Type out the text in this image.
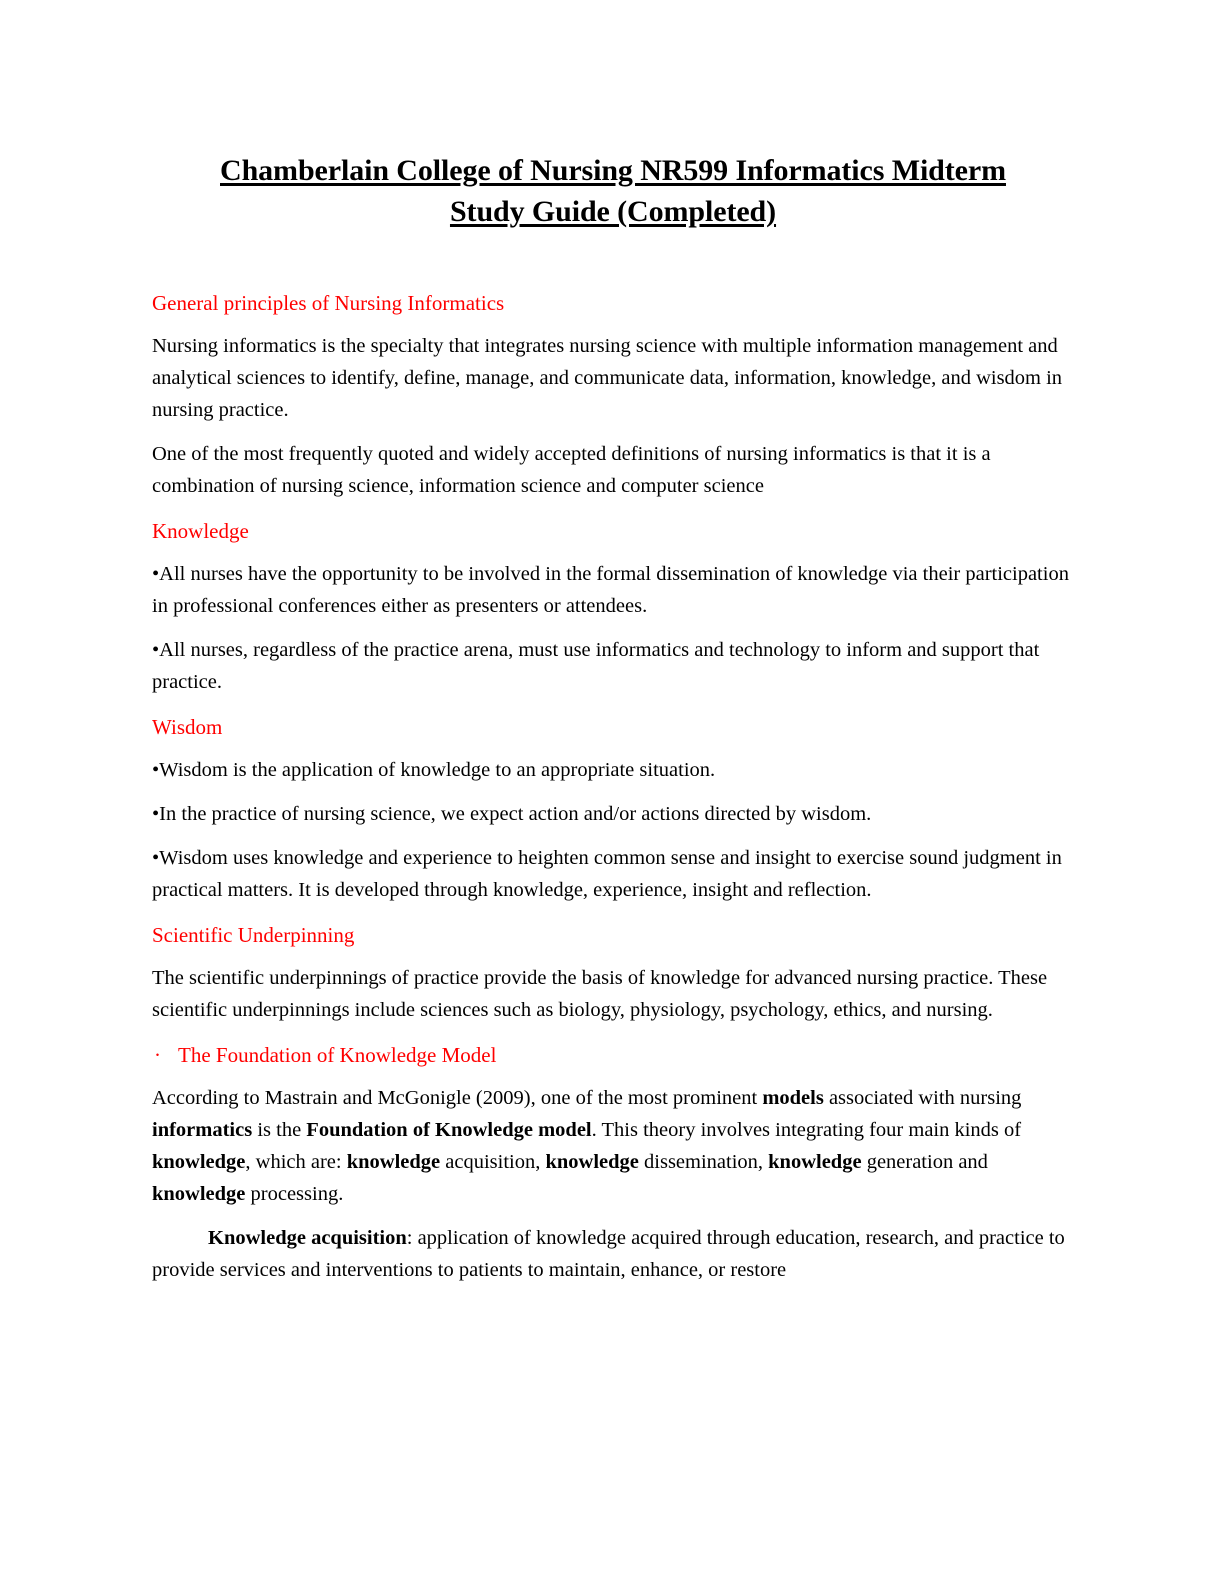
Chamberlain College of Nursing NR599 Informatics Midterm
Study Guide (Completed)
General principles of Nursing Informatics

Nursing informatics is the specialty that integrates nursing science with multiple information management and analytical sciences to identify, define, manage, and communicate data, information, knowledge, and wisdom in nursing practice.

One of the most frequently quoted and widely accepted definitions of nursing informatics is that it is a combination of nursing science, information science and computer science

Knowledge

•All nurses have the opportunity to be involved in the formal dissemination of knowledge via their participation in professional conferences either as presenters or attendees.

•All nurses, regardless of the practice arena, must use informatics and technology to inform and support that practice.

Wisdom

•Wisdom is the application of knowledge to an appropriate situation.

•In the practice of nursing science, we expect action and/or actions directed by wisdom.

•Wisdom uses knowledge and experience to heighten common sense and insight to exercise sound judgment in practical matters. It is developed through knowledge, experience, insight and reflection.

Scientific Underpinning

The scientific underpinnings of practice provide the basis of knowledge for advanced nursing practice. These scientific underpinnings include sciences such as biology, physiology, psychology, ethics, and nursing.

· The Foundation of Knowledge Model

According to Mastrain and McGonigle (2009), one of the most prominent models associated with nursing informatics is the Foundation of Knowledge model. This theory involves integrating four main kinds of knowledge, which are: knowledge acquisition, knowledge dissemination, knowledge generation and knowledge processing.

Knowledge acquisition: application of knowledge acquired through education, research, and practice to provide services and interventions to patients to maintain, enhance, or restore
